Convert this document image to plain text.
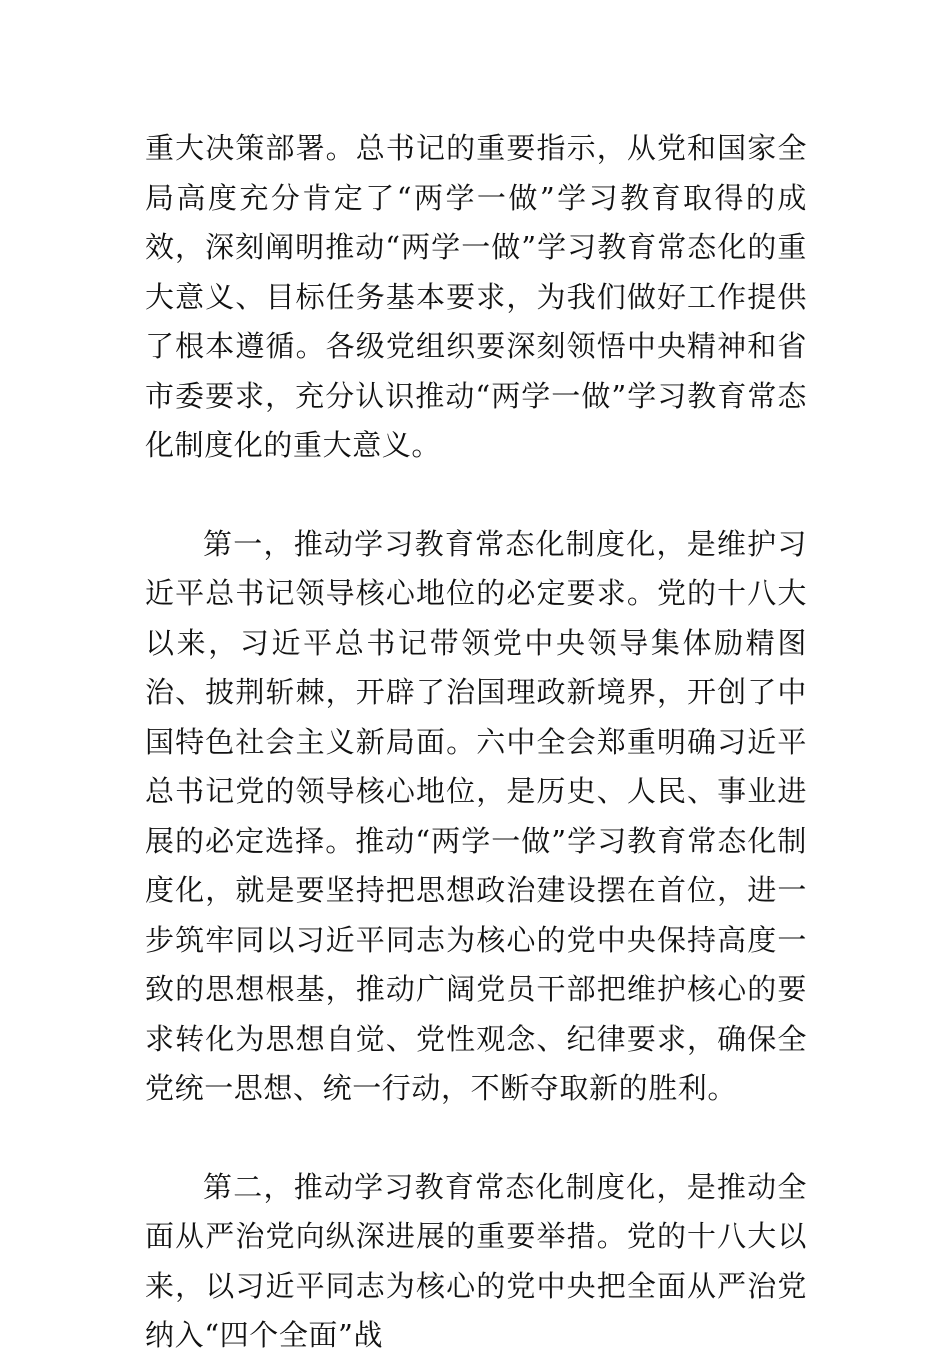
重大决策部署。总书记的重要指示，从党和国家全局高度充分肯定了“两学一做”学习教育取得的成效，深刻阐明推动“两学一做”学习教育常态化的重大意义、目标任务基本要求，为我们做好工作提供了根本遵循。各级党组织要深刻领悟中央精神和省市委要求，充分认识推动“两学一做”学习教育常态化制度化的重大意义。

第一，推动学习教育常态化制度化，是维护习近平总书记领导核心地位的必定要求。党的十八大以来，习近平总书记带领党中央领导集体励精图治、披荆斩棘，开辟了治国理政新境界，开创了中国特色社会主义新局面。六中全会郑重明确习近平总书记党的领导核心地位，是历史、人民、事业进展的必定选择。推动“两学一做”学习教育常态化制度化，就是要坚持把思想政治建设摆在首位，进一步筑牢同以习近平同志为核心的党中央保持高度一致的思想根基，推动广阔党员干部把维护核心的要求转化为思想自觉、党性观念、纪律要求，确保全党统一思想、统一行动，不断夺取新的胜利。

第二，推动学习教育常态化制度化，是推动全面从严治党向纵深进展的重要举措。党的十八大以来，以习近平同志为核心的党中央把全面从严治党纳入“四个全面”战
